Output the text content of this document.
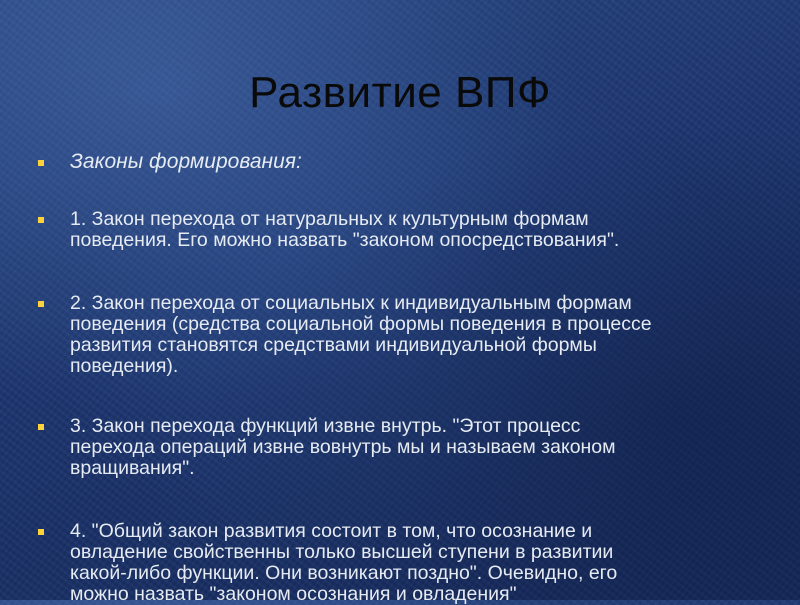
Развитие ВПФ
Законы формирования:
1. Закон перехода от натуральных к культурным формам
поведения. Его можно назвать "законом опосредствования".
2. Закон перехода от социальных к индивидуальным формам
поведения (средства социальной формы поведения в процессе
развития становятся средствами индивидуальной формы
поведения).
3. Закон перехода функций извне внутрь. "Этот процесс
перехода операций извне вовнутрь мы и называем законом
вращивания".
4. "Общий закон развития состоит в том, что осознание и
овладение свойственны только высшей ступени в развитии
какой-либо функции. Они возникают поздно". Очевидно, его
можно назвать "законом осознания и овладения"
